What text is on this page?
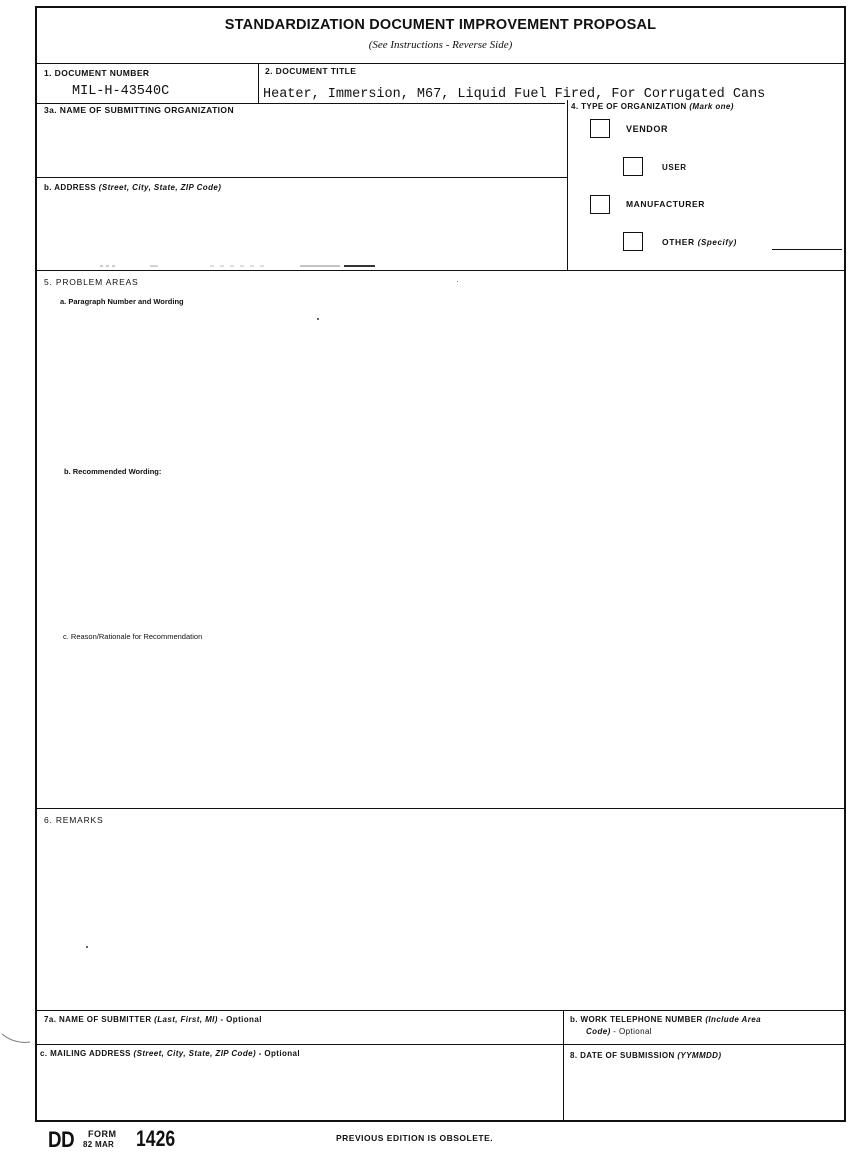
STANDARDIZATION DOCUMENT IMPROVEMENT PROPOSAL
(See Instructions - Reverse Side)
1. DOCUMENT NUMBER
MIL-H-43540C
2. DOCUMENT TITLE
Heater, Immersion, M67, Liquid Fuel Fired, For Corrugated Cans
3a. NAME OF SUBMITTING ORGANIZATION
b. ADDRESS (Street, City, State, ZIP Code)
4. TYPE OF ORGANIZATION (Mark one)
VENDOR
USER
MANUFACTURER
OTHER (Specify)
5. PROBLEM AREAS
a. Paragraph Number and Wording
b. Recommended Wording:
c. Reason/Rationale for Recommendation
6. REMARKS
7a. NAME OF SUBMITTER (Last, First, MI) - Optional	b. WORK TELEPHONE NUMBER (Include Area
Code) - Optional
c. MAILING ADDRESS (Street, City, State, ZIP Code) - Optional	8. DATE OF SUBMISSION (YYMMDD)
DD FORM
82 MAR 1426	PREVIOUS EDITION IS OBSOLETE.
